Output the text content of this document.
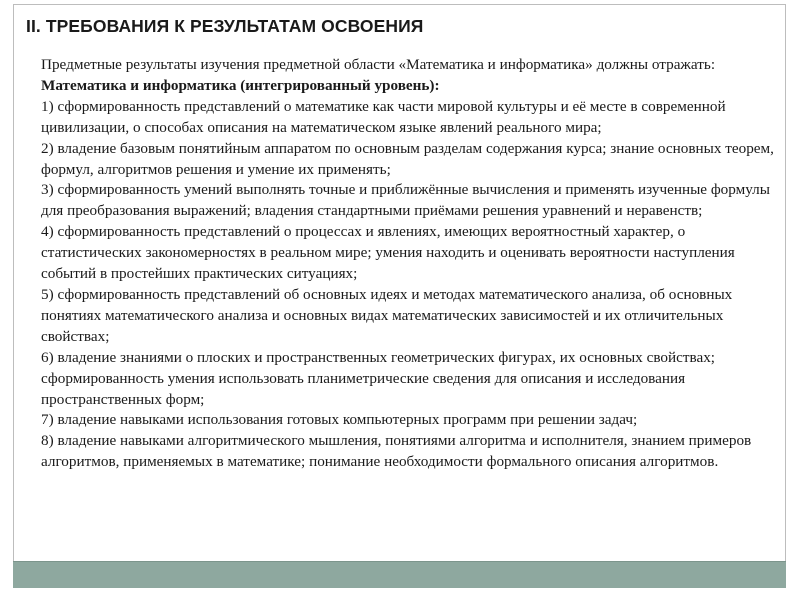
II. ТРЕБОВАНИЯ К РЕЗУЛЬТАТАМ ОСВОЕНИЯ

Предметные результаты изучения предметной области «Математика и информатика» должны отражать:

Математика и информатика (интегрированный уровень):

1) сформированность представлений о математике как части мировой культуры и её месте в современной цивилизации, о способах описания на математическом языке явлений реального мира;

2) владение базовым понятийным аппаратом по основным разделам содержания курса; знание основных теорем, формул, алгоритмов решения и умение их применять;

3) сформированность умений выполнять точные и приближённые вычисления и применять изученные формулы для преобразования выражений; владения стандартными приёмами решения уравнений и неравенств;

4) сформированность представлений о процессах и явлениях, имеющих вероятностный характер, о статистических закономерностях в реальном мире; умения находить и оценивать вероятности наступления событий в простейших практических ситуациях;

5) сформированность представлений об основных идеях и методах математического анализа, об основных понятиях математического анализа и основных видах математических зависимостей и их отличительных свойствах;

6) владение знаниями о плоских и пространственных геометрических фигурах, их основных свойствах; сформированность умения использовать планиметрические сведения для описания и исследования пространственных форм;

7) владение навыками использования готовых компьютерных программ при решении задач;

8) владение навыками алгоритмического мышления, понятиями алгоритма и исполнителя, знанием примеров алгоритмов, применяемых в математике; понимание необходимости формального описания алгоритмов.
